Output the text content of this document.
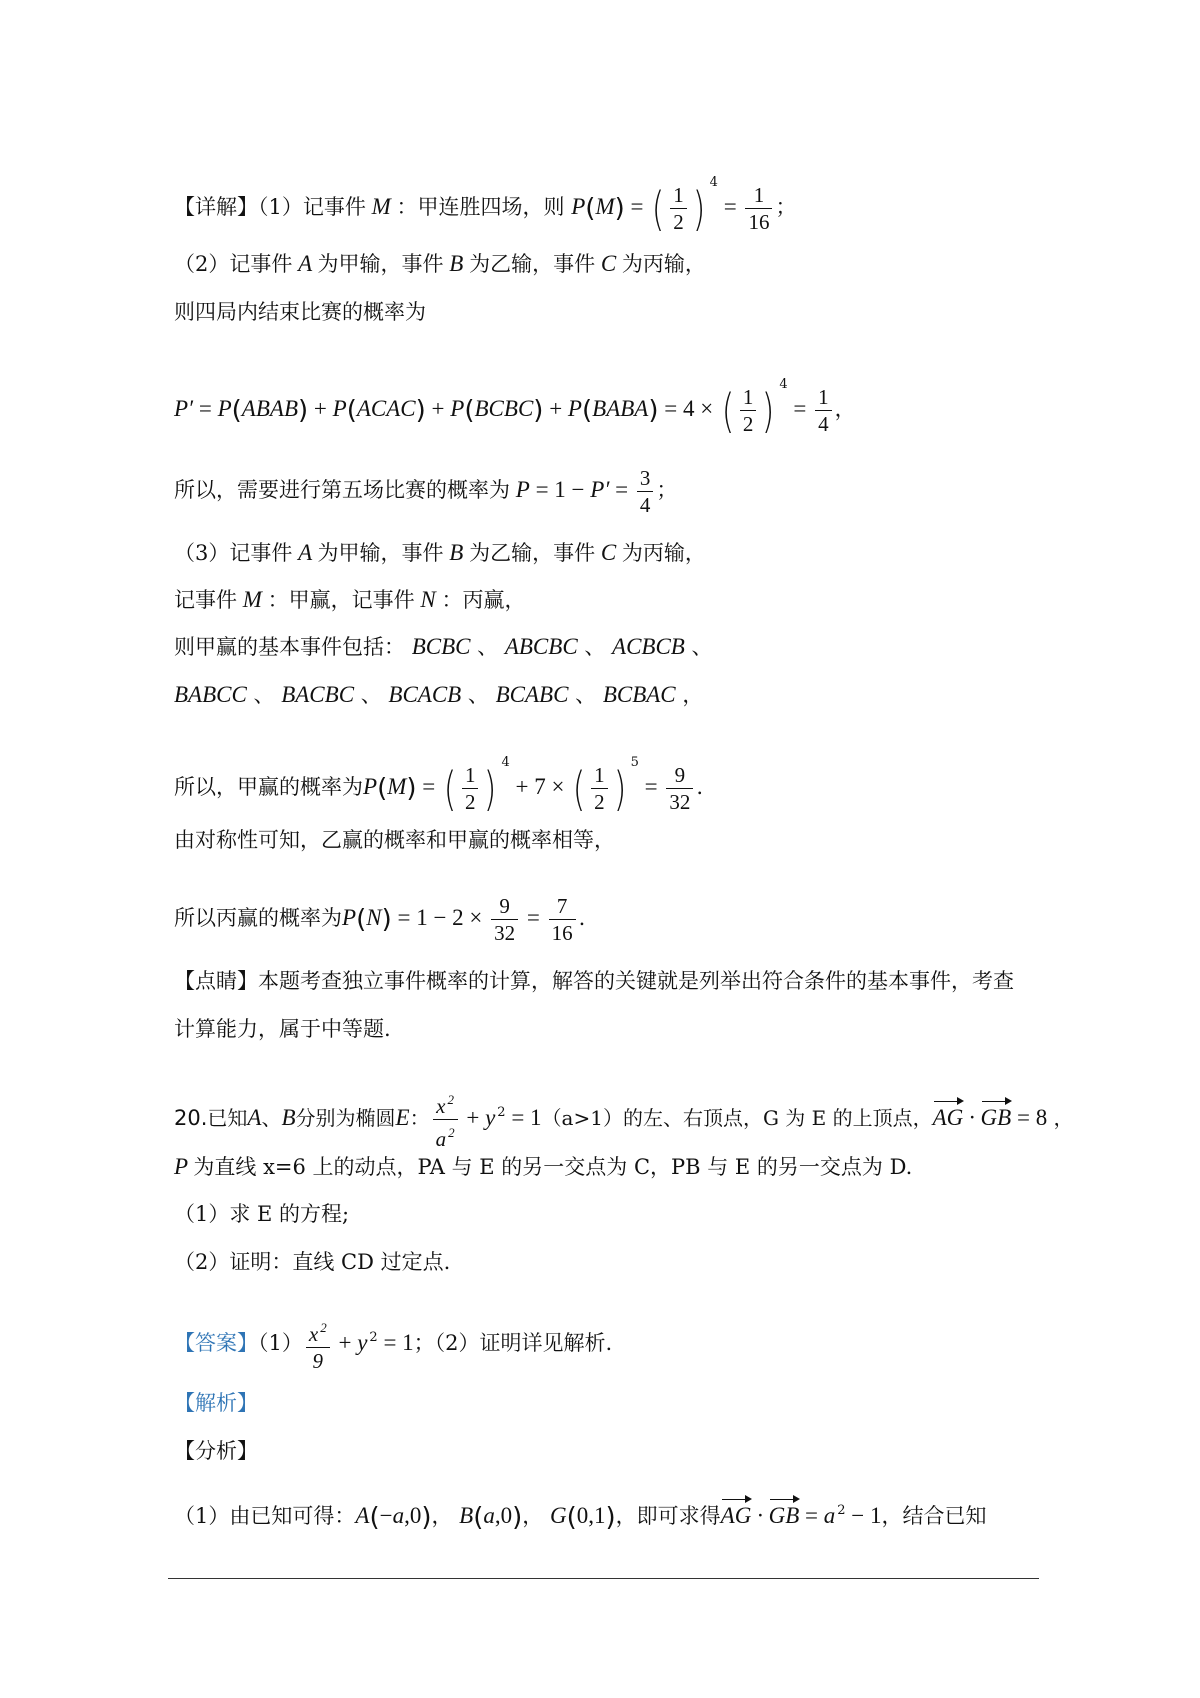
【详解】（1）记事件 M ：甲连胜四场，则 P(M) = ( $\frac{1}{2}$ ) $^4 = \frac{1}{16}$ ；
（2）记事件 A 为甲输，事件 B 为乙输，事件 C 为丙输，
则四局内结束比赛的概率为
P′ = P(ABAB) + P(ACAC) + P(BCBC) + P(BABA) = 4 × ( $\frac{1}{2}$ ) $^4 = \frac{1}{4}$ ，
所以，需要进行第五场比赛的概率为 $P = 1 - P' = \frac{3}{4}$ ；
（3）记事件 A 为甲输，事件 B 为乙输，事件 C 为丙输，
记事件 M ：甲赢，记事件 N ：丙赢，
则甲赢的基本事件包括： BCBC 、 ABCBC 、 ACBCB 、
BABCC 、 BACBC 、 BCACB 、 BCABC 、 BCBAC ，
所以，甲赢的概率为P(M) = ( $\frac{1}{2}$ ) $^4$ + 7 × ( $\frac{1}{2}$ ) $^5 = \frac{9}{32}$ .
由对称性可知，乙赢的概率和甲赢的概率相等，
所以丙赢的概率为$P(N) = 1 - 2 \times \frac{9}{32} = \frac{7}{16}$ .
【点睛】本题考查独立事件概率的计算，解答的关键就是列举出符合条件的基本事件，考查
计算能力，属于中等题.
20.已知A、B分别为椭圆E： $\frac{x ^2}{a ^2} + y$ $^2$ = 1（a>1）的左、右顶点，G 为 E 的上顶点，AG · GB = 8 ，
P 为直线 x=6 上的动点，PA 与 E 的另一交点为 C，PB 与 E 的另一交点为 D.
（1）求 E 的方程;
（2）证明：直线 CD 过定点.
【答案】$(1) \frac{x ^2}{9} + y$ $^2$ = 1；（2）证明详见解析.
【解析】
【分析】
（1）由已知可得：A(−a,0)， B(a,0)， G(0,1)，即可求得AG · GB = a $^2$ − 1，结合已知
